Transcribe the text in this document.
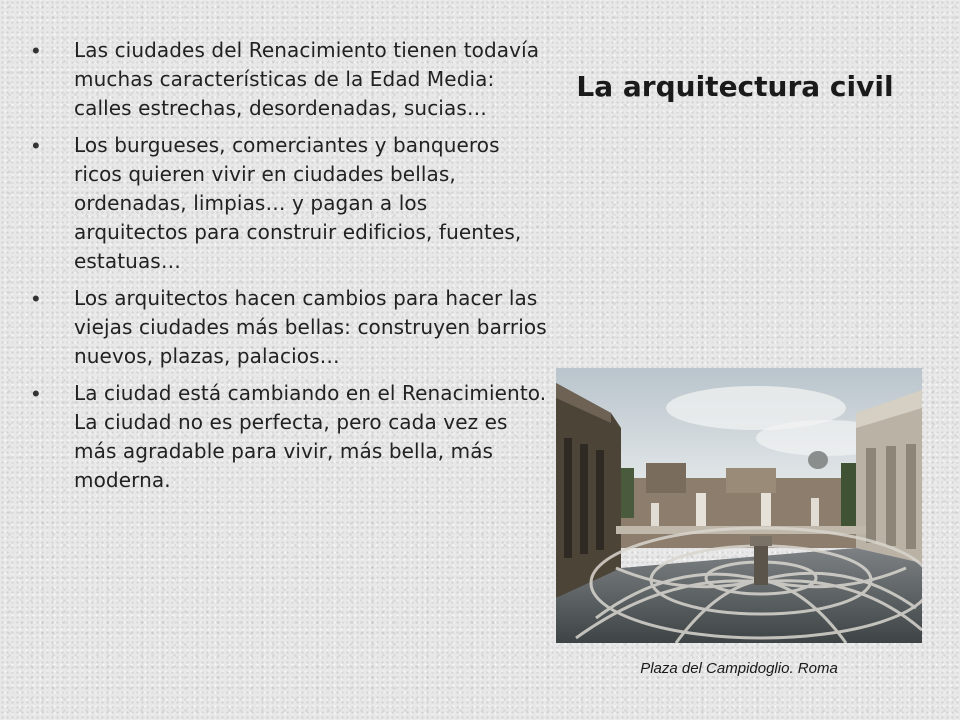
• Las ciudades del Renacimiento tienen todavía muchas características de la Edad Media: calles estrechas, desordenadas, sucias…
• Los burgueses, comerciantes y banqueros ricos quieren vivir en ciudades bellas, ordenadas, limpias… y pagan a los arquitectos para construir edificios, fuentes, estatuas…
• Los arquitectos hacen cambios para hacer las viejas ciudades más bellas: construyen barrios nuevos, plazas, palacios…
• La ciudad está cambiando en el Renacimiento. La ciudad no es perfecta, pero cada vez es más agradable para vivir, más bella, más moderna.
La arquitectura civil

Plaza del Campidoglio. Roma
